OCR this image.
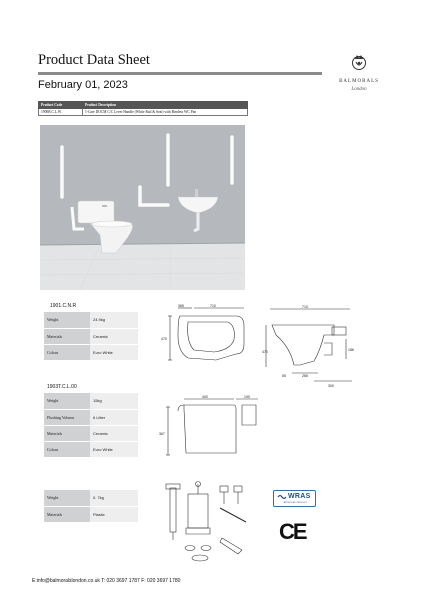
Product Data Sheet
February 01, 2023	BALMORALS
London
Product Code	Product Description
1900B.C.L.W.	1-Care DOCM C/C Lever Handle (White Rail & Seat) with Rimless WC Pan
1901.C.N.R
Weight	24.9kg
Materials	Ceramic
Colour	Euro White
365	710
470
710
470	186
55	265
300
1903T.C.L.00
Weight	15kg
Flushing Volume	6 Litter
Materials	Ceramic
Colour	Euro White
400	190
367
Weight	0. 7kg
Materials	Plastic
WRAS
APPROVED PRODUCT
CE
E:info@balmoralslondon.co.uk T: 020 3697 1787 F: 020 3697 1780
